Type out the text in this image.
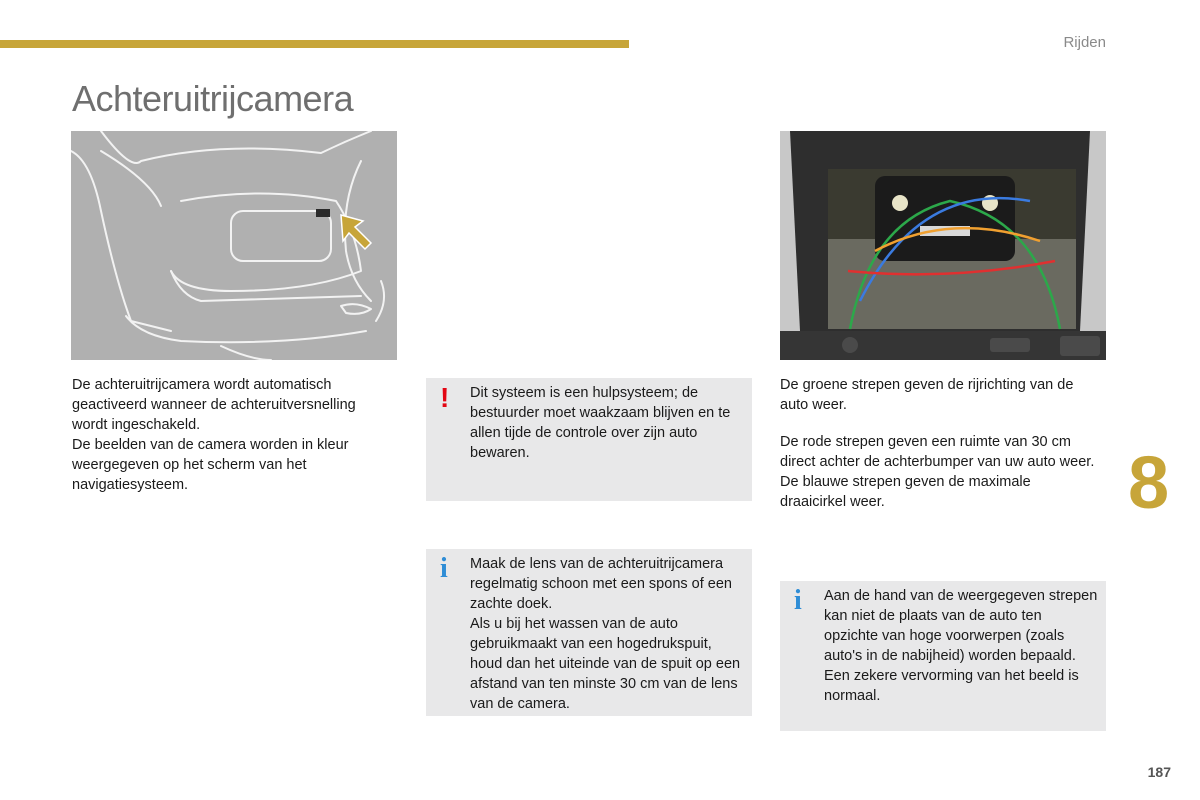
Rijden
Achteruitrijcamera

De achteruitrijcamera wordt automatisch geactiveerd wanneer de achteruitversnelling wordt ingeschakeld.

De beelden van de camera worden in kleur weergegeven op het scherm van het navigatiesysteem.

! Dit systeem is een hulpsysteem; de bestuurder moet waakzaam blijven en te allen tijde de controle over zijn auto bewaren.
i Maak de lens van de achteruitrijcamera regelmatig schoon met een spons of een zachte doek.
Als u bij het wassen van de auto gebruikmaakt van een hogedrukspuit, houd dan het uiteinde van de spuit op een afstand van ten minste 30 cm van de lens van de camera.

De groene strepen geven de rijrichting van de auto weer.

De rode strepen geven een ruimte van 30 cm direct achter de achterbumper van uw auto weer.

De blauwe strepen geven de maximale draaicirkel weer.

i Aan de hand van de weergegeven strepen kan niet de plaats van de auto ten opzichte van hoge voorwerpen (zoals auto's in de nabijheid) worden bepaald. Een zekere vervorming van het beeld is normaal.
8
187
